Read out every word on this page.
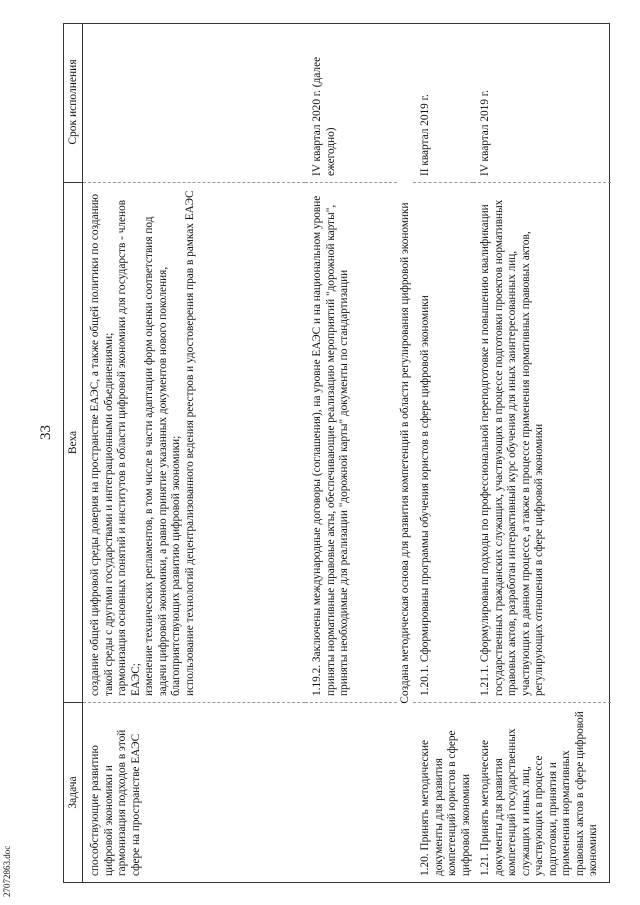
33
Задача
Веха
Срок исполнения
способствующие развитию цифровой экономики и гармонизация подходов в этой сфере на пространстве ЕАЭС

создание общей цифровой среды доверия на пространстве ЕАЭС, а также общей политики по созданию такой среды с другими государствами и интеграционными объединениями; гармонизация основных понятий и институтов в области цифровой экономики для государств - членов ЕАЭС; изменение технических регламентов, в том числе в части адаптации форм оценки соответствия под задачи цифровой экономики, а равно принятие указанных документов нового поколения, благоприятствующих развитию цифровой экономики; использование технологий децентрализованного ведения реестров и удостоверения прав в рамках ЕАЭС	1.19.2. Заключены международные договоры (соглашения), на уровне ЕАЭС и на национальном уровне приняты нормативные правовые акты, обеспечивающие реализацию мероприятий "дорожной карты", приняты необходимые для реализации "дорожной карты" документы по стандартизации
IV квартал 2020 г. (далее ежегодно)
Создана методическая основа для развития компетенций в области регулирования цифровой экономики
1.20. Принять методические документы для развития компетенций юристов в сфере цифровой экономики
1.20.1. Сформированы программы обучения юристов в сфере цифровой экономики
II квартал 2019 г.
1.21. Принять методические документы для развития компетенций государственных служащих и иных лиц, участвующих в процессе подготовки, принятия и применения нормативных правовых актов в сфере цифровой экономики
1.21.1. Сформулированы подходы по профессиональной переподготовке и повышению квалификации государственных гражданских служащих, участвующих в процессе подготовки проектов нормативных правовых актов, разработан интерактивный курс обучения для иных заинтересованных лиц, участвующих в данном процессе, а также в процессе применения нормативных правовых актов, регулирующих отношения в сфере цифровой экономики
IV квартал 2019 г.
27072863.doc
